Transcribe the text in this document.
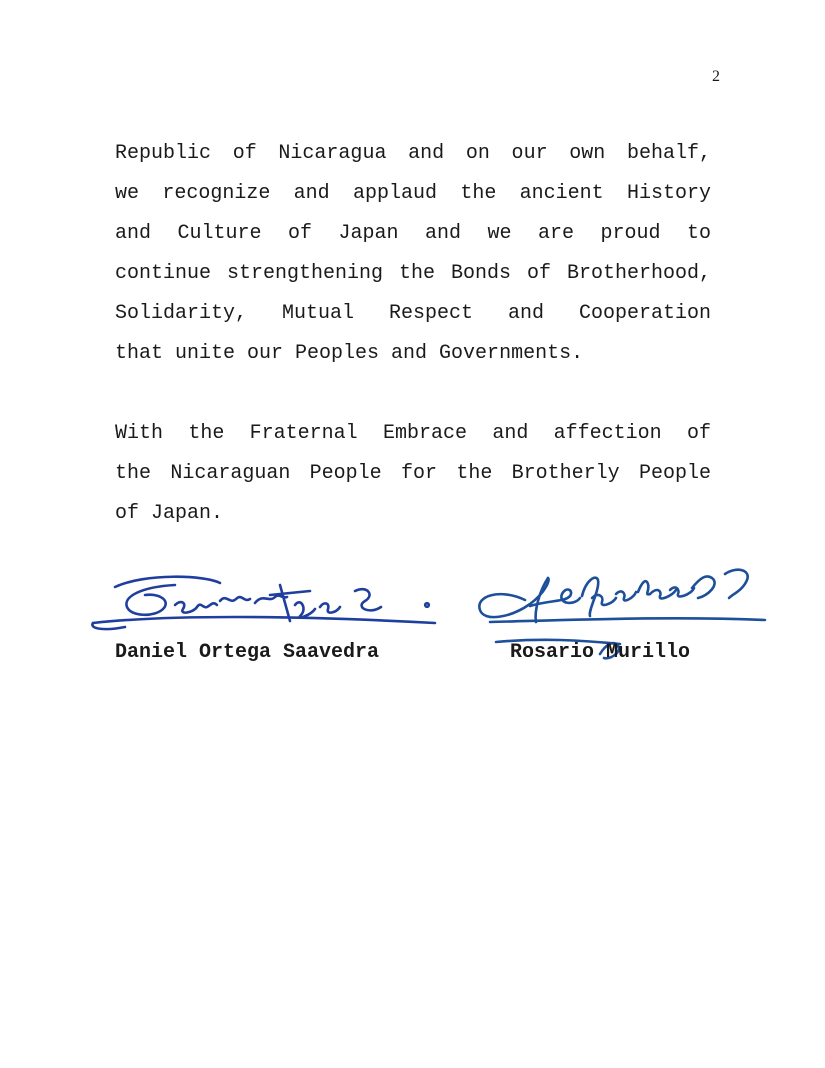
2
Republic of Nicaragua and on our own behalf,
we recognize and applaud the ancient History
and Culture of Japan and we are proud to
continue strengthening the Bonds of Brotherhood,
Solidarity, Mutual Respect and Cooperation
that unite our Peoples and Governments.
With the Fraternal Embrace and affection of
the Nicaraguan People for the Brotherly People
of Japan.
Daniel Ortega Saavedra	Rosario Murillo
